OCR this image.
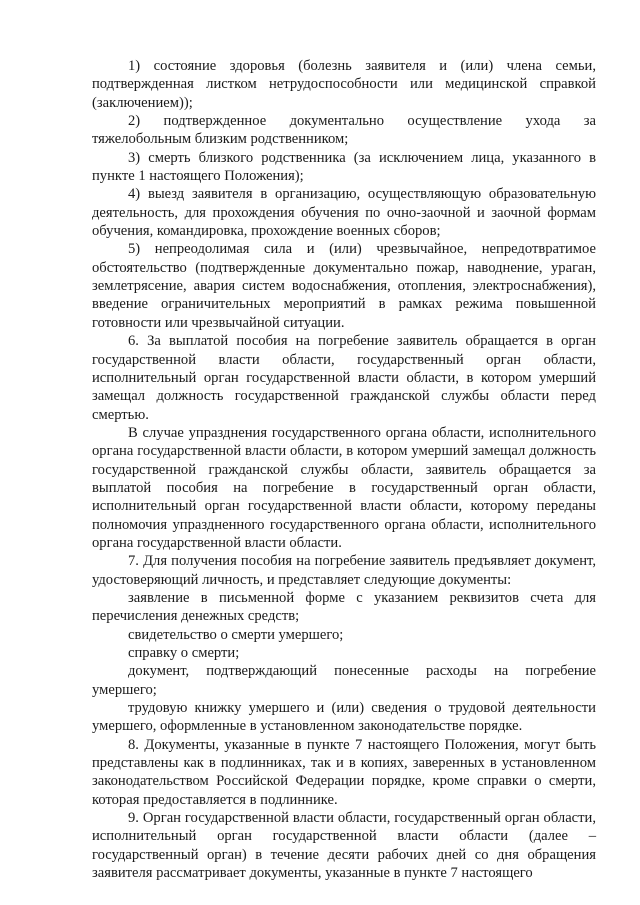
1) состояние здоровья (болезнь заявителя и (или) члена семьи, подтвержденная листком нетрудоспособности или медицинской справкой (заключением));

2) подтвержденное документально осуществление ухода за тяжелобольным близким родственником;

3) смерть близкого родственника (за исключением лица, указанного в пункте 1 настоящего Положения);

4) выезд заявителя в организацию, осуществляющую образовательную деятельность, для прохождения обучения по очно-заочной и заочной формам обучения, командировка, прохождение военных сборов;

5) непреодолимая сила и (или) чрезвычайное, непредотвратимое обстоятельство (подтвержденные документально пожар, наводнение, ураган, землетрясение, авария систем водоснабжения, отопления, электроснабжения), введение ограничительных мероприятий в рамках режима повышенной готовности или чрезвычайной ситуации.

6. За выплатой пособия на погребение заявитель обращается в орган государственной власти области, государственный орган области, исполнительный орган государственной власти области, в котором умерший замещал должность государственной гражданской службы области перед смертью.

В случае упразднения государственного органа области, исполнительного органа государственной власти области, в котором умерший замещал должность государственной гражданской службы области, заявитель обращается за выплатой пособия на погребение в государственный орган области, исполнительный орган государственной власти области, которому переданы полномочия упраздненного государственного органа области, исполнительного органа государственной власти области.

7. Для получения пособия на погребение заявитель предъявляет документ, удостоверяющий личность, и представляет следующие документы:

заявление в письменной форме с указанием реквизитов счета для перечисления денежных средств;

свидетельство о смерти умершего;

справку о смерти;

документ, подтверждающий понесенные расходы на погребение умершего;

трудовую книжку умершего и (или) сведения о трудовой деятельности умершего, оформленные в установленном законодательстве порядке.

8. Документы, указанные в пункте 7 настоящего Положения, могут быть представлены как в подлинниках, так и в копиях, заверенных в установленном законодательством Российской Федерации порядке, кроме справки о смерти, которая предоставляется в подлиннике.

9. Орган государственной власти области, государственный орган области, исполнительный орган государственной власти области (далее – государственный орган) в течение десяти рабочих дней со дня обращения заявителя рассматривает документы, указанные в пункте 7 настоящего
